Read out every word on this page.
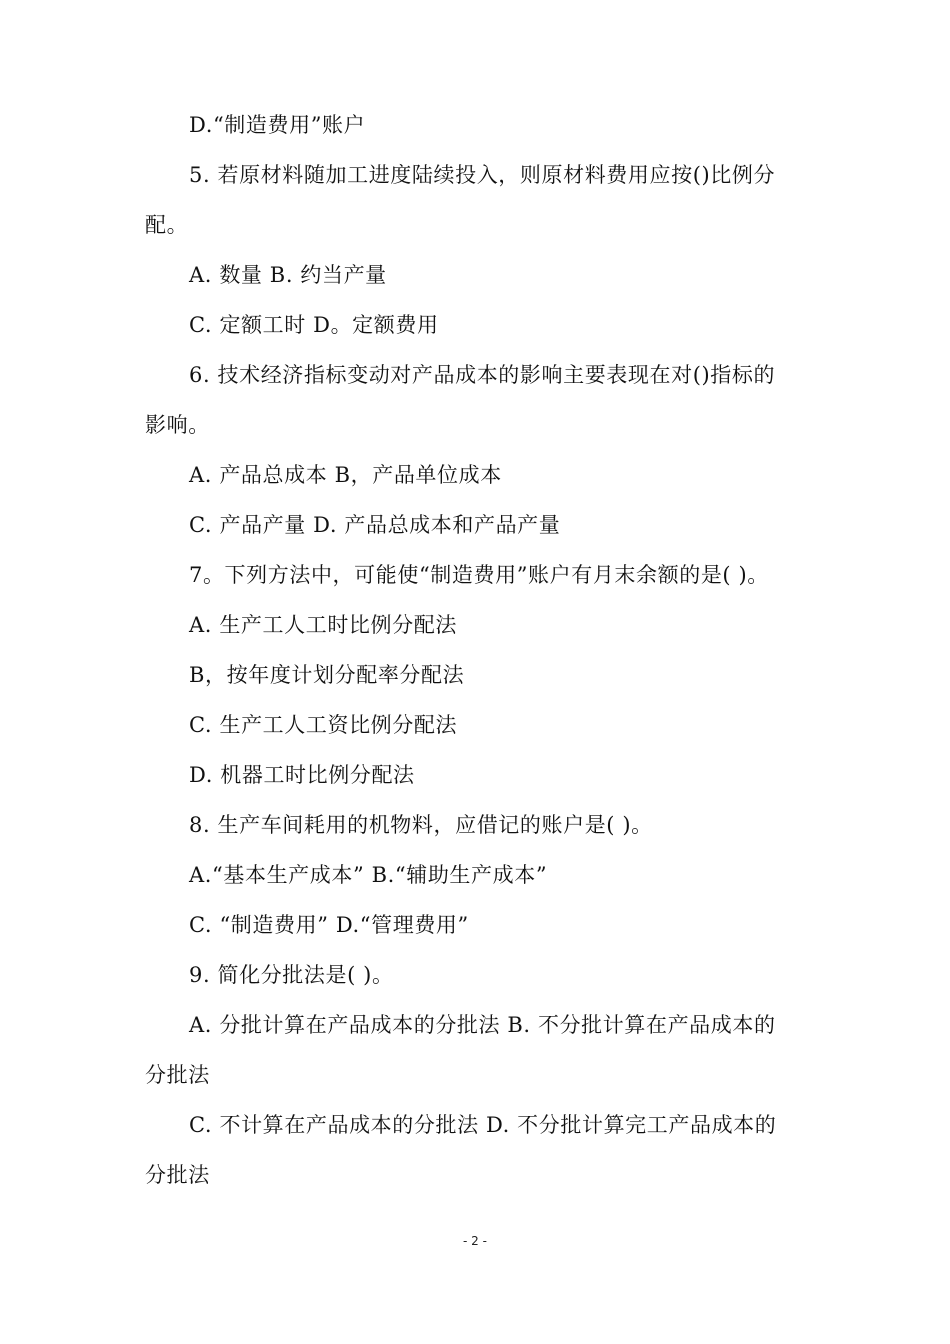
D.“制造费用”账户
5. 若原材料随加工进度陆续投入，则原材料费用应按()比例分
配。
A. 数量 B. 约当产量
C. 定额工时 D。定额费用
6. 技术经济指标变动对产品成本的影响主要表现在对()指标的
影响。
A. 产品总成本 B，产品单位成本
C. 产品产量 D. 产品总成本和产品产量
7。下列方法中，可能使“制造费用”账户有月末余额的是( )。
A. 生产工人工时比例分配法
B，按年度计划分配率分配法
C. 生产工人工资比例分配法
D. 机器工时比例分配法
8. 生产车间耗用的机物料，应借记的账户是( )。
A.“基本生产成本” B.“辅助生产成本”
C. “制造费用” D.“管理费用”
9. 简化分批法是( )。
A. 分批计算在产品成本的分批法 B. 不分批计算在产品成本的
分批法
C. 不计算在产品成本的分批法 D. 不分批计算完工产品成本的
分批法
- 2 -
